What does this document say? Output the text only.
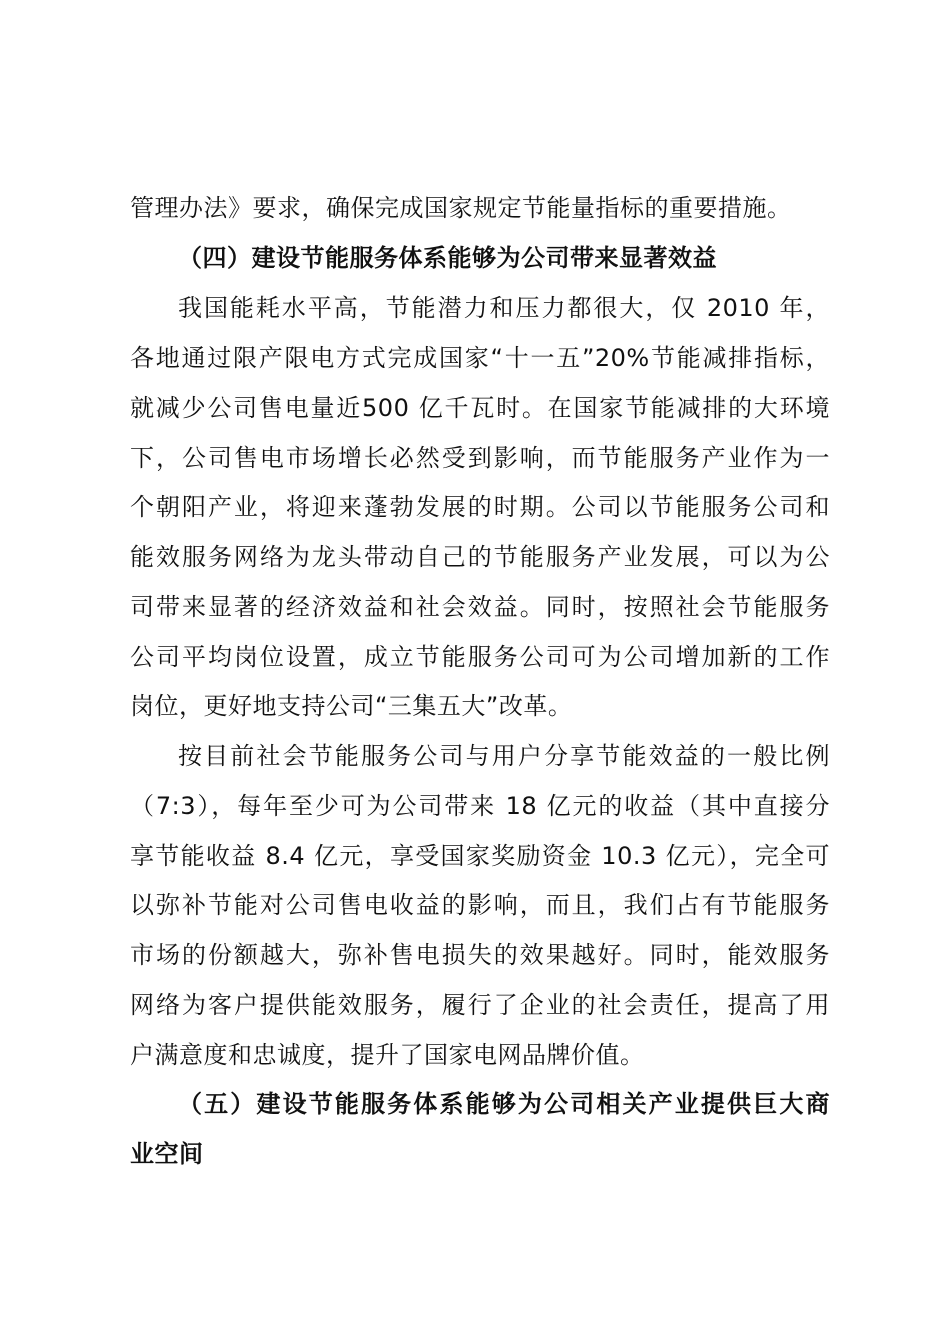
管理办法》要求，确保完成国家规定节能量指标的重要措施。
（四）建设节能服务体系能够为公司带来显著效益
我国能耗水平高，节能潜力和压力都很大，仅 2010 年，
各地通过限产限电方式完成国家“十一五”20%节能减排指标，
就减少公司售电量近500 亿千瓦时。在国家节能减排的大环境
下，公司售电市场增长必然受到影响，而节能服务产业作为一
个朝阳产业，将迎来蓬勃发展的时期。公司以节能服务公司和
能效服务网络为龙头带动自己的节能服务产业发展，可以为公
司带来显著的经济效益和社会效益。同时，按照社会节能服务
公司平均岗位设置，成立节能服务公司可为公司增加新的工作
岗位，更好地支持公司“三集五大”改革。
按目前社会节能服务公司与用户分享节能效益的一般比例
（7:3），每年至少可为公司带来 18 亿元的收益（其中直接分
享节能收益 8.4 亿元，享受国家奖励资金 10.3 亿元），完全可
以弥补节能对公司售电收益的影响，而且，我们占有节能服务
市场的份额越大，弥补售电损失的效果越好。同时，能效服务
网络为客户提供能效服务，履行了企业的社会责任，提高了用
户满意度和忠诚度，提升了国家电网品牌价值。
（五）建设节能服务体系能够为公司相关产业提供巨大商
业空间
